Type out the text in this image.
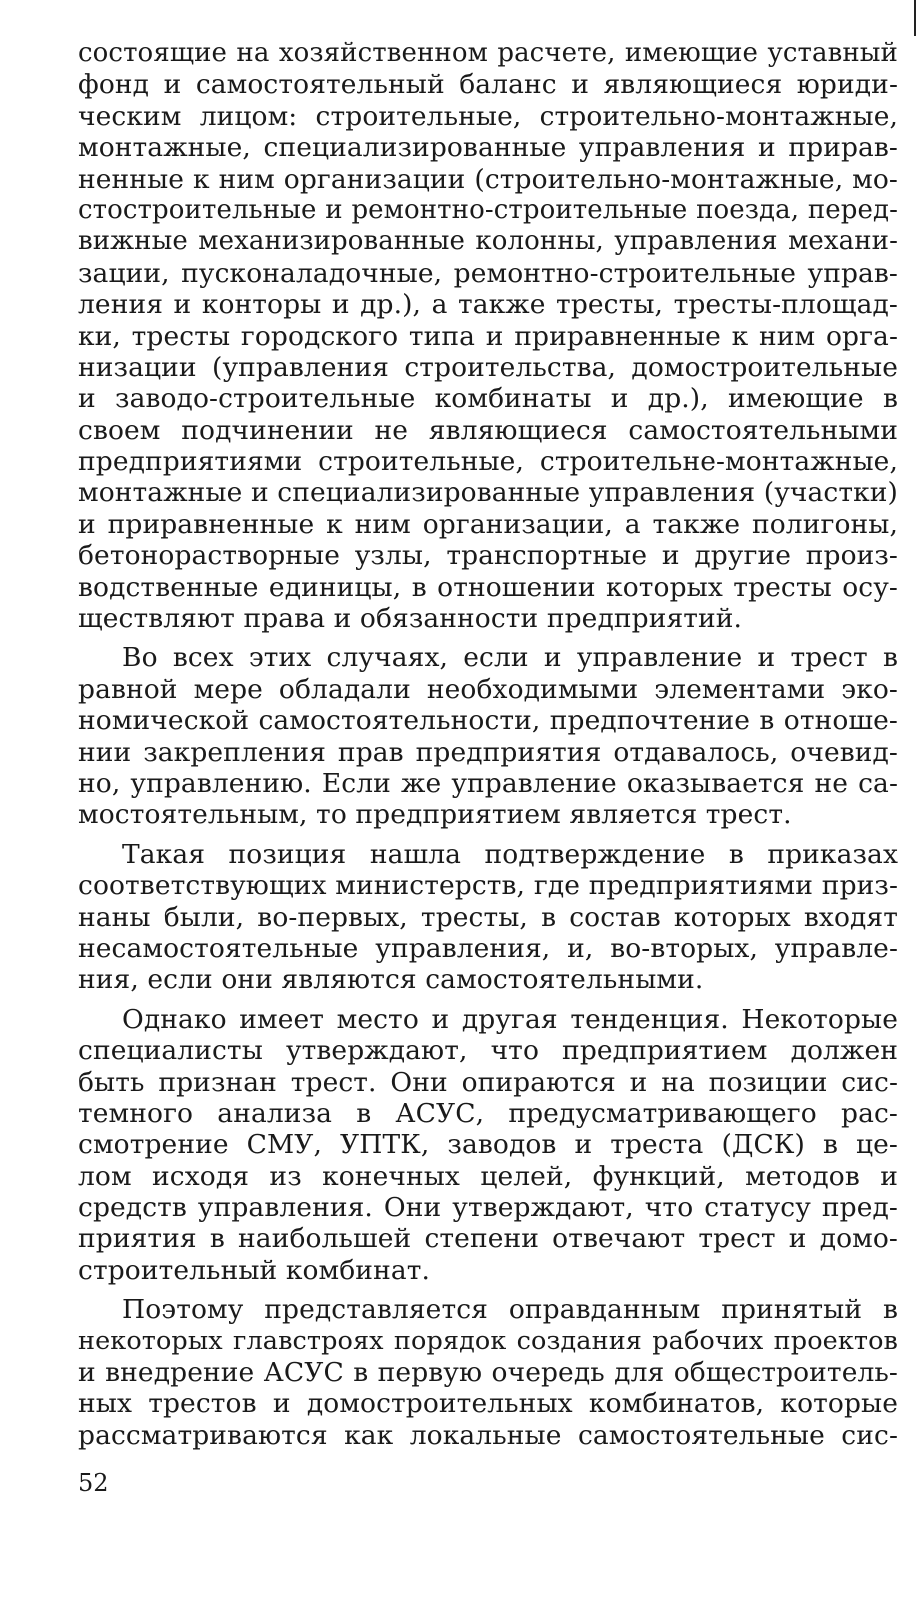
состоящие на хозяйственном расчете, имеющие уставный
фонд и самостоятельный баланс и являющиеся юриди-
ческим лицом: строительные, строительно-монтажные,
монтажные, специализированные управления и прирав-
ненные к ним организации (строительно-монтажные, мо-
стостроительные и ремонтно-строительные поезда, перед-
вижные механизированные колонны, управления механи-
зации, пусконаладочные, ремонтно-строительные управ-
ления и конторы и др.), а также тресты, тресты-площад-
ки, тресты городского типа и приравненные к ним орга-
низации (управления строительства, домостроительные
и заводо-строительные комбинаты и др.), имеющие в
своем подчинении не являющиеся самостоятельными
предприятиями строительные, строительне-монтажные,
монтажные и специализированные управления (участки)
и приравненные к ним организации, а также полигоны,
бетонорастворные узлы, транспортные и другие произ-
водственные единицы, в отношении которых тресты осу-
ществляют права и обязанности предприятий.
Во всех этих случаях, если и управление и трест в
равной мере обладали необходимыми элементами эко-
номической самостоятельности, предпочтение в отноше-
нии закрепления прав предприятия отдавалось, очевид-
но, управлению. Если же управление оказывается не са-
мостоятельным, то предприятием является трест.
Такая позиция нашла подтверждение в приказах
соответствующих министерств, где предприятиями приз-
наны были, во-первых, тресты, в состав которых входят
несамостоятельные управления, и, во-вторых, управле-
ния, если они являются самостоятельными.
Однако имеет место и другая тенденция. Некоторые
специалисты утверждают, что предприятием должен
быть признан трест. Они опираются и на позиции сис-
темного анализа в АСУС, предусматривающего рас-
смотрение СМУ, УПТК, заводов и треста (ДСК) в це-
лом исходя из конечных целей, функций, методов и
средств управления. Они утверждают, что статусу пред-
приятия в наибольшей степени отвечают трест и домо-
строительный комбинат.
Поэтому представляется оправданным принятый в
некоторых главстроях порядок создания рабочих проектов
и внедрение АСУС в первую очередь для общестроитель-
ных трестов и домостроительных комбинатов, которые
рассматриваются как локальные самостоятельные сис-
52
